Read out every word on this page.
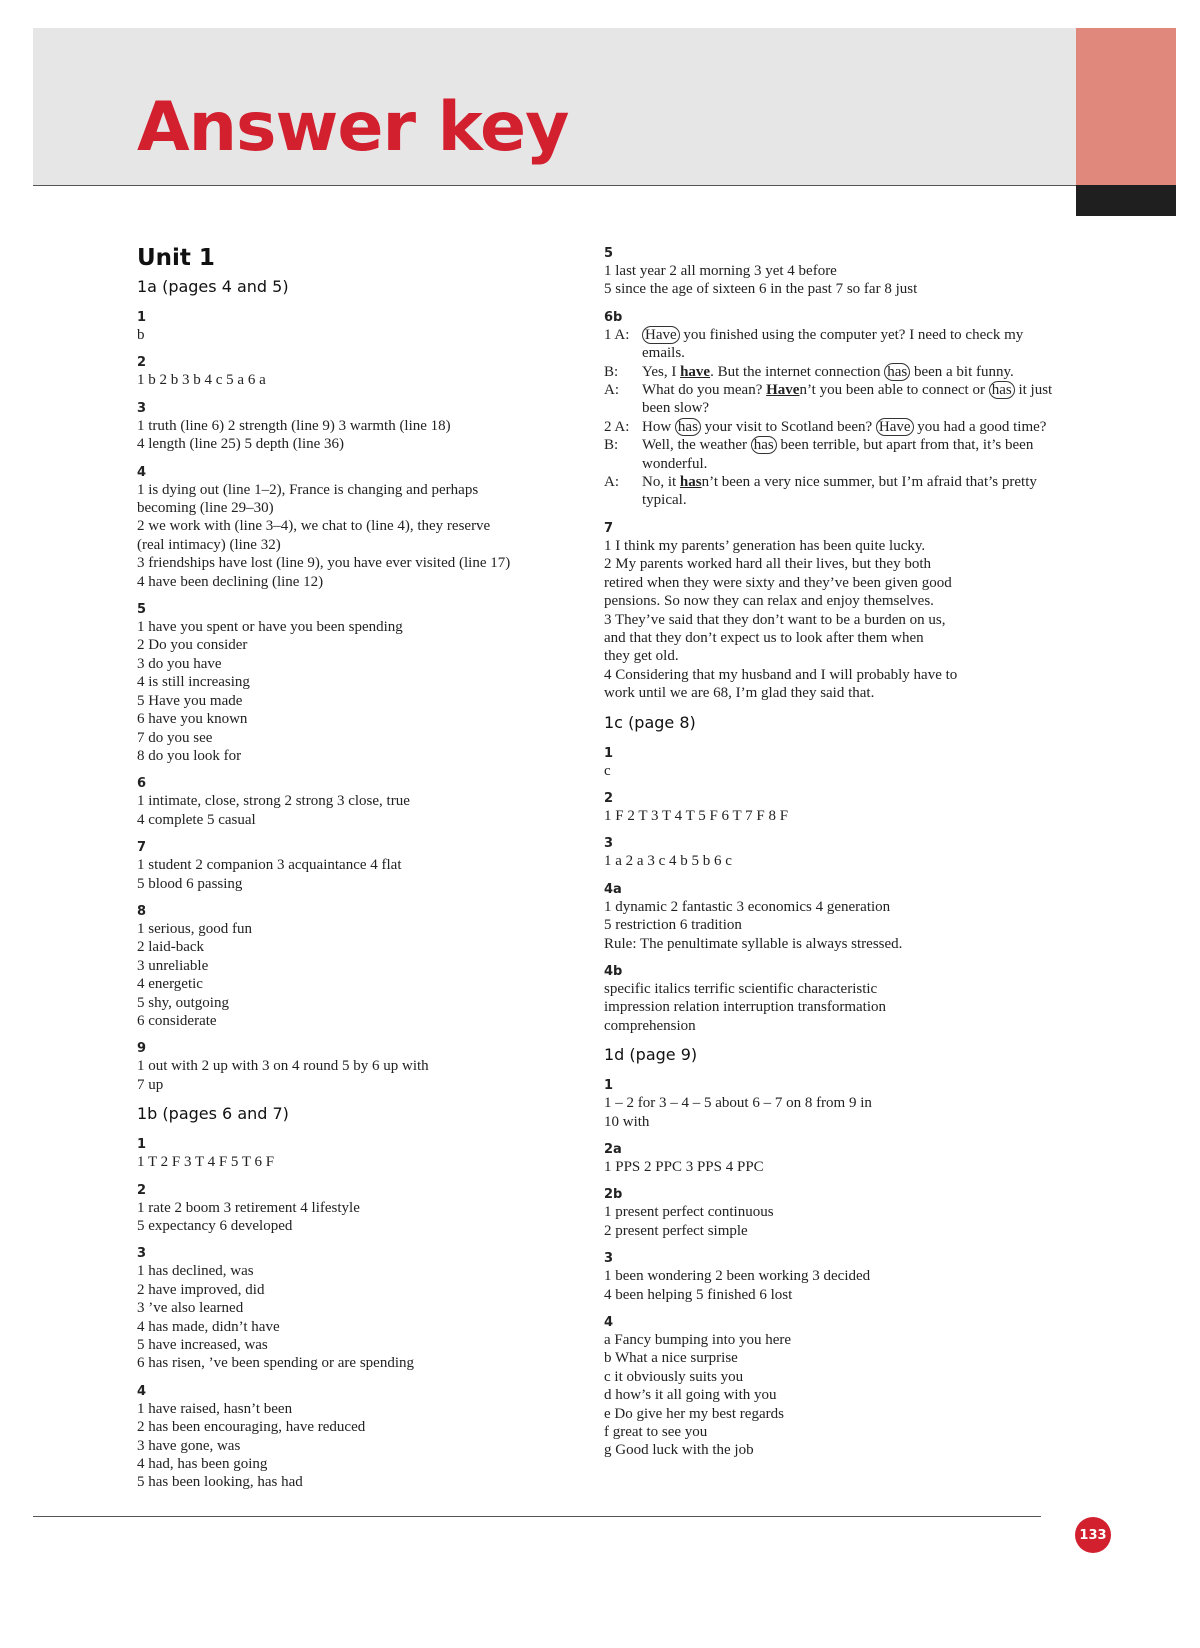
Answer key
Unit 1
1a (pages 4 and 5)
1
b
2
1 b 2 b 3 b 4 c 5 a 6 a
3
1 truth (line 6) 2 strength (line 9) 3 warmth (line 18)
4 length (line 25) 5 depth (line 36)
4
1 is dying out (line 1–2), France is changing and perhaps
becoming (line 29–30)
2 we work with (line 3–4), we chat to (line 4), they reserve
(real intimacy) (line 32)
3 friendships have lost (line 9), you have ever visited (line 17)
4 have been declining (line 12)
5
1 have you spent or have you been spending
2 Do you consider
3 do you have
4 is still increasing
5 Have you made
6 have you known
7 do you see
8 do you look for
6
1 intimate, close, strong 2 strong 3 close, true
4 complete 5 casual
7
1 student 2 companion 3 acquaintance 4 flat
5 blood 6 passing
8
1 serious, good fun
2 laid-back
3 unreliable
4 energetic
5 shy, outgoing
6 considerate
9
1 out with 2 up with 3 on 4 round 5 by 6 up with
7 up
1b (pages 6 and 7)
1
1 T 2 F 3 T 4 F 5 T 6 F
2
1 rate 2 boom 3 retirement 4 lifestyle
5 expectancy 6 developed
3
1 has declined, was
2 have improved, did
3 ’ve also learned
4 has made, didn’t have
5 have increased, was
6 has risen, ’ve been spending or are spending
4
1 have raised, hasn’t been
2 has been encouraging, have reduced
3 have gone, was
4 had, has been going
5 has been looking, has had
5
1 last year 2 all morning 3 yet 4 before
5 since the age of sixteen 6 in the past 7 so far 8 just
6b
1 A:	Have you finished using the computer yet? I need to check my emails.
B:	Yes, I have. But the internet connection has been a bit funny.
A:	What do you mean? Haven’t you been able to connect or has it just been slow?
2 A: How has your visit to Scotland been? Have you had a good time?
B:	Well, the weather has been terrible, but apart from that, it’s been wonderful.
A:	No, it hasn’t been a very nice summer, but I’m afraid that’s pretty typical.
7
1 I think my parents’ generation has been quite lucky.
2 My parents worked hard all their lives, but they both
retired when they were sixty and they’ve been given good
pensions. So now they can relax and enjoy themselves.
3 They’ve said that they don’t want to be a burden on us,
and that they don’t expect us to look after them when
they get old.
4 Considering that my husband and I will probably have to
work until we are 68, I’m glad they said that.
1c (page 8)
1
c
2
1 F 2 T 3 T 4 T 5 F 6 T 7 F 8 F
3
1 a 2 a 3 c 4 b 5 b 6 c
4a
1 dynamic 2 fantastic 3 economics 4 generation
5 restriction 6 tradition
Rule: The penultimate syllable is always stressed.
4b
specific italics terrific scientific characteristic
impression relation interruption transformation
comprehension
1d (page 9)
1
1 – 2 for 3 – 4 – 5 about 6 – 7 on 8 from 9 in
10 with
2a
1 PPS 2 PPC 3 PPS 4 PPC
2b
1 present perfect continuous
2 present perfect simple
3
1 been wondering 2 been working 3 decided
4 been helping 5 finished 6 lost
4
a Fancy bumping into you here
b What a nice surprise
c it obviously suits you
d how’s it all going with you
e Do give her my best regards
f great to see you
g Good luck with the job
133
